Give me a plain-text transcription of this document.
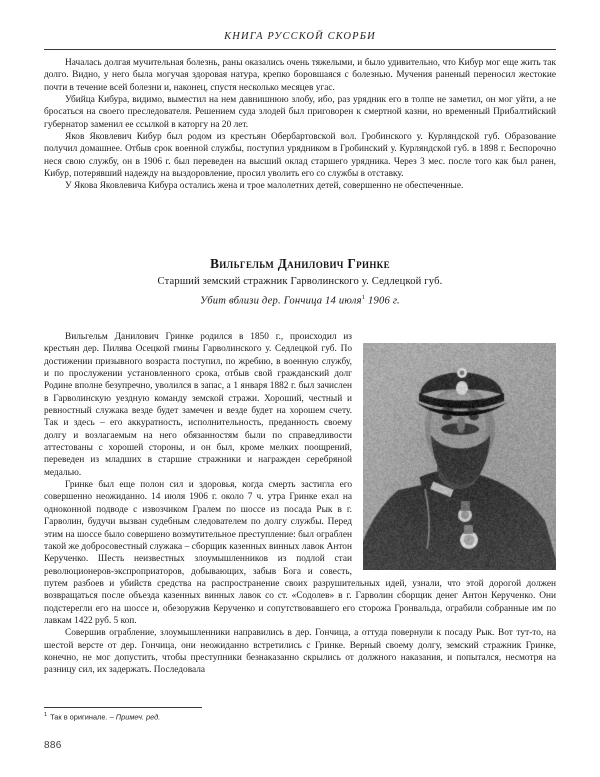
КНИГА РУССКОЙ СКОРБИ

Началась долгая мучительная болезнь, раны оказались очень тяжелыми, и было удивительно, что Кибур мог еще жить так долго. Видно, у него была могучая здоровая натура, крепко боровшаяся с болезнью. Мучения раненый переносил жестокие почти в течение всей болезни и, наконец, спустя несколько месяцев угас.

Убийца Кибура, видимо, выместил на нем давнишнюю злобу, ибо, раз урядник его в толпе не заметил, он мог уйти, а не бросаться на своего преследователя. Решением суда злодей был приговорен к смертной казни, но временный Прибалтийский губернатор заменил ее ссылкой в каторгу на 20 лет.

Яков Яковлевич Кибур был родом из крестьян Обербартовской вол. Гробинского у. Курляндской губ. Образование получил домашнее. Отбыв срок военной службы, поступил урядником в Гробинский у. Курляндской губ. в 1898 г. Беспорочно неся свою службу, он в 1906 г. был переведен на высший оклад старшего урядника. Через 3 мес. после того как был ранен, Кибур, потерявший надежду на выздоровление, просил уволить его со службы в отставку.

У Якова Яковлевича Кибура остались жена и трое малолетних детей, совершенно не обеспеченные.

Вильгельм Данилович Гринке
Старший земский стражник Гарволинского у. Седлецкой губ.
Убит вблизи дер. Гончица 14 июля$^1$ 1906 г.

Вильгельм Данилович Гринке родился в 1850 г., происходил из крестьян дер. Пилява Осецкой гмины Гарволинского у. Седлецкой губ. По достижении призывного возраста поступил, по жребию, в военную службу, и по прослужении установленного срока, отбыв свой гражданский долг Родине вполне безупречно, уволился в запас, а 1 января 1882 г. был зачислен в Гарволинскую уездную команду земской стражи. Хороший, честный и ревностный служака везде будет замечен и везде будет на хорошем счету. Так и здесь – его аккуратность, исполнительность, преданность своему долгу и возлагаемым на него обязанностям были по справедливости аттестованы с хорошей стороны, и он был, кроме мелких поощрений, переведен из младших в старшие стражники и награжден серебряной медалью.

Гринке был еще полон сил и здоровья, когда смерть застигла его совершенно неожиданно. 14 июля 1906 г. около 7 ч. утра Гринке ехал на одноконной подводе с извозчиком Гралем по шоссе из посада Рык в г. Гарволин, будучи вызван судебным следователем по долгу службы. Перед этим на шоссе было совершено возмутительное преступление: был ограблен такой же добросовестный служака – сборщик казенных винных лавок Антон Керученко. Шесть неизвестных злоумышленников из подлой стаи революционеров-экспроприаторов, добывающих, забыв Бога и совесть, путем разбоев и убийств средства на распространение своих разрушительных идей, узнали, что этой дорогой должен возвращаться после объезда казенных винных лавок со ст. «Содолев» в г. Гарволин сборщик денег Антон Керученко. Они подстерегли его на шоссе и, обезоружив Керученко и сопутствовавшего его сторожа Гронвальда, ограбили собранные им по лавкам 1422 руб. 5 коп.

Совершив ограбление, злоумышленники направились в дер. Гончица, а оттуда повернули к посаду Рык. Вот тут-то, на шестой версте от дер. Гончица, они неожиданно встретились с Гринке. Верный своему долгу, земский стражник Гринке, конечно, не мог допустить, чтобы преступники безнаказанно скрылись от должного наказания, и попытался, несмотря на разницу сил, их задержать. Последовала

$^1$ Так в оригинале. – Примеч. ред.
886
